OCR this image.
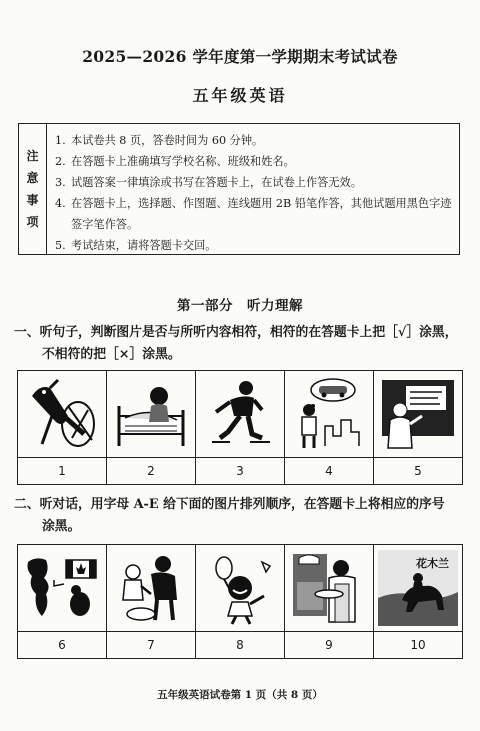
2025—2026 学年度第一学期期末考试试卷
五年级英语
注
意
事
项
1. 本试卷共 8 页，答卷时间为 60 分钟。
2. 在答题卡上准确填写学校名称、班级和姓名。
3. 试题答案一律填涂或书写在答题卡上，在试卷上作答无效。
4. 在答题卡上，选择题、作图题、连线题用 2B 铅笔作答，其他试题用黑色字迹签字笔作答。
5. 考试结束，请将答题卡交回。
第一部分　听力理解
一、听句子，判断图片是否与所听内容相符，相符的在答题卡上把［√］涂黑，
不相符的把［×］涂黑。
1	2	3	4	5
二、听对话，用字母 A-E 给下面的图片排列顺序，在答题卡上将相应的序号
涂黑。
花木兰
6	7	8	9	10
五年级英语试卷第 1 页（共 8 页）
